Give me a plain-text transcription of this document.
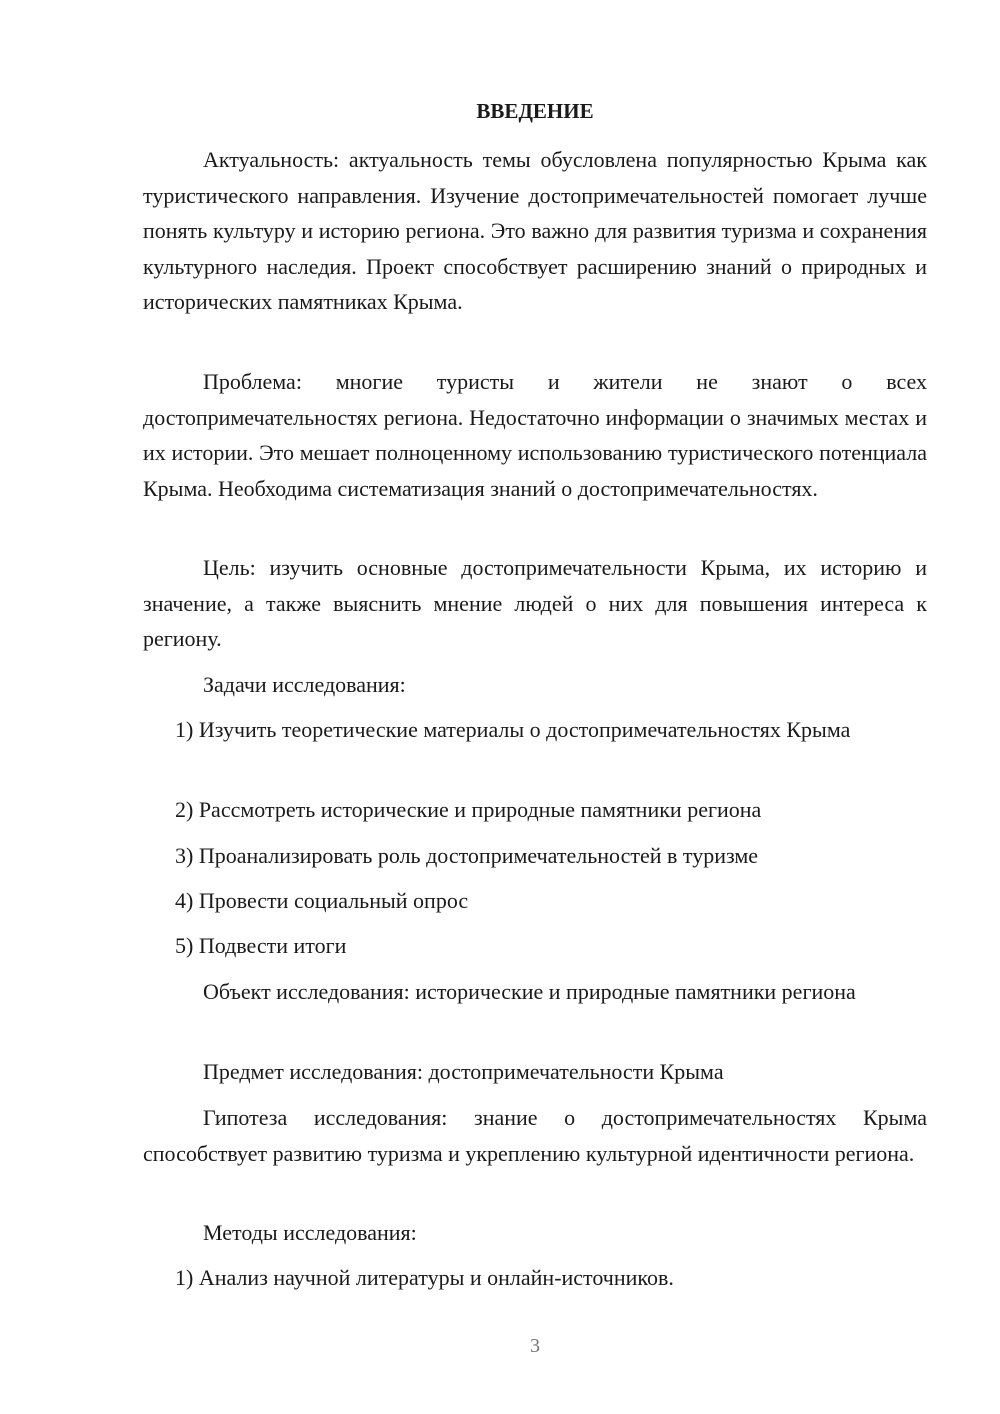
ВВЕДЕНИЕ

Актуальность: актуальность темы обусловлена популярностью Крыма как туристического направления. Изучение достопримечательностей помогает лучше понять культуру и историю региона. Это важно для развития туризма и сохранения культурного наследия. Проект способствует расширению знаний о природных и исторических памятниках Крыма.

Проблема: многие туристы и жители не знают о всех достопримечательностях региона. Недостаточно информации о значимых местах и их истории. Это мешает полноценному использованию туристического потенциала Крыма. Необходима систематизация знаний о достопримечательностях.

Цель: изучить основные достопримечательности Крыма, их историю и значение, а также выяснить мнение людей о них для повышения интереса к региону.

Задачи исследования:

1) Изучить теоретические материалы о достопримечательностях Крыма

2) Рассмотреть исторические и природные памятники региона

3) Проанализировать роль достопримечательностей в туризме

4) Провести социальный опрос

5) Подвести итоги

Объект исследования: исторические и природные памятники региона

Предмет исследования: достопримечательности Крыма

Гипотеза исследования: знание о достопримечательностях Крыма способствует развитию туризма и укреплению культурной идентичности региона.

Методы исследования:

1) Анализ научной литературы и онлайн-источников.

3
